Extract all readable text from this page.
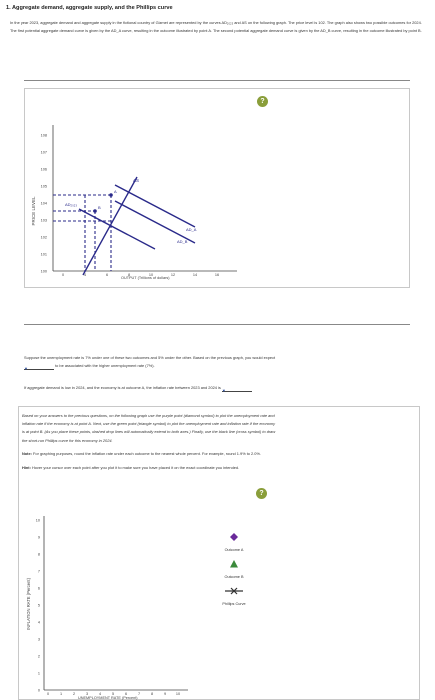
1. Aggregate demand, aggregate supply, and the Phillips curve
In the year 2023, aggregate demand and aggregate supply in the fictional country of Gizmet are represented by the curves AD₂₀₂₃ and AS on the following graph. The price level is 102. The graph also shows two possible outcomes for 2024. The first potential aggregate demand curve is given by the AD_A curve, resulting in the outcome illustrated by point A. The second potential aggregate demand curve is given by the AD_B curve, resulting in the outcome illustrated by point B.
?
108
107
106
105
104
103
102
101
100
0	4	6	8	10	12	14	16
PRICE LEVEL
OUTPUT (Trillions of dollars)
AS
AD₂₀₂₃
AD_A
AD_B
A
B
Suppose the unemployment rate is 7% under one of these two outcomes and 5% under the other. Based on the previous graph, you would expect
▼ to be associated with the higher unemployment rate (7%).
If aggregate demand is low in 2024, and the economy is at outcome A, the inflation rate between 2023 and 2024 is ▼
Based on your answers to the previous questions, on the following graph use the purple point (diamond symbol) to plot the unemployment rate and
inflation rate if the economy is at point A. Next, use the green point (triangle symbol) to plot the unemployment rate and inflation rate if the economy
is at point B. (As you place these points, dashed drop lines will automatically extend to both axes.) Finally, use the black line (cross symbol) to draw
the short-run Phillips curve for this economy in 2024.
Note: For graphing purposes, round the inflation rate under each outcome to the nearest whole percent. For example, round 1.9% to 2.0%.
Hint: Hover your cursor over each point after you plot it to make sure you have placed it on the exact coordinate you intended.
?
10
9
8
7
6
5
4
3
2
1
0
0	1	2	3	4	5	6	7	8	9	10
INFLATION RATE (Percent)
UNEMPLOYMENT RATE (Percent)
Outcome A
Outcome B
Phillips Curve
